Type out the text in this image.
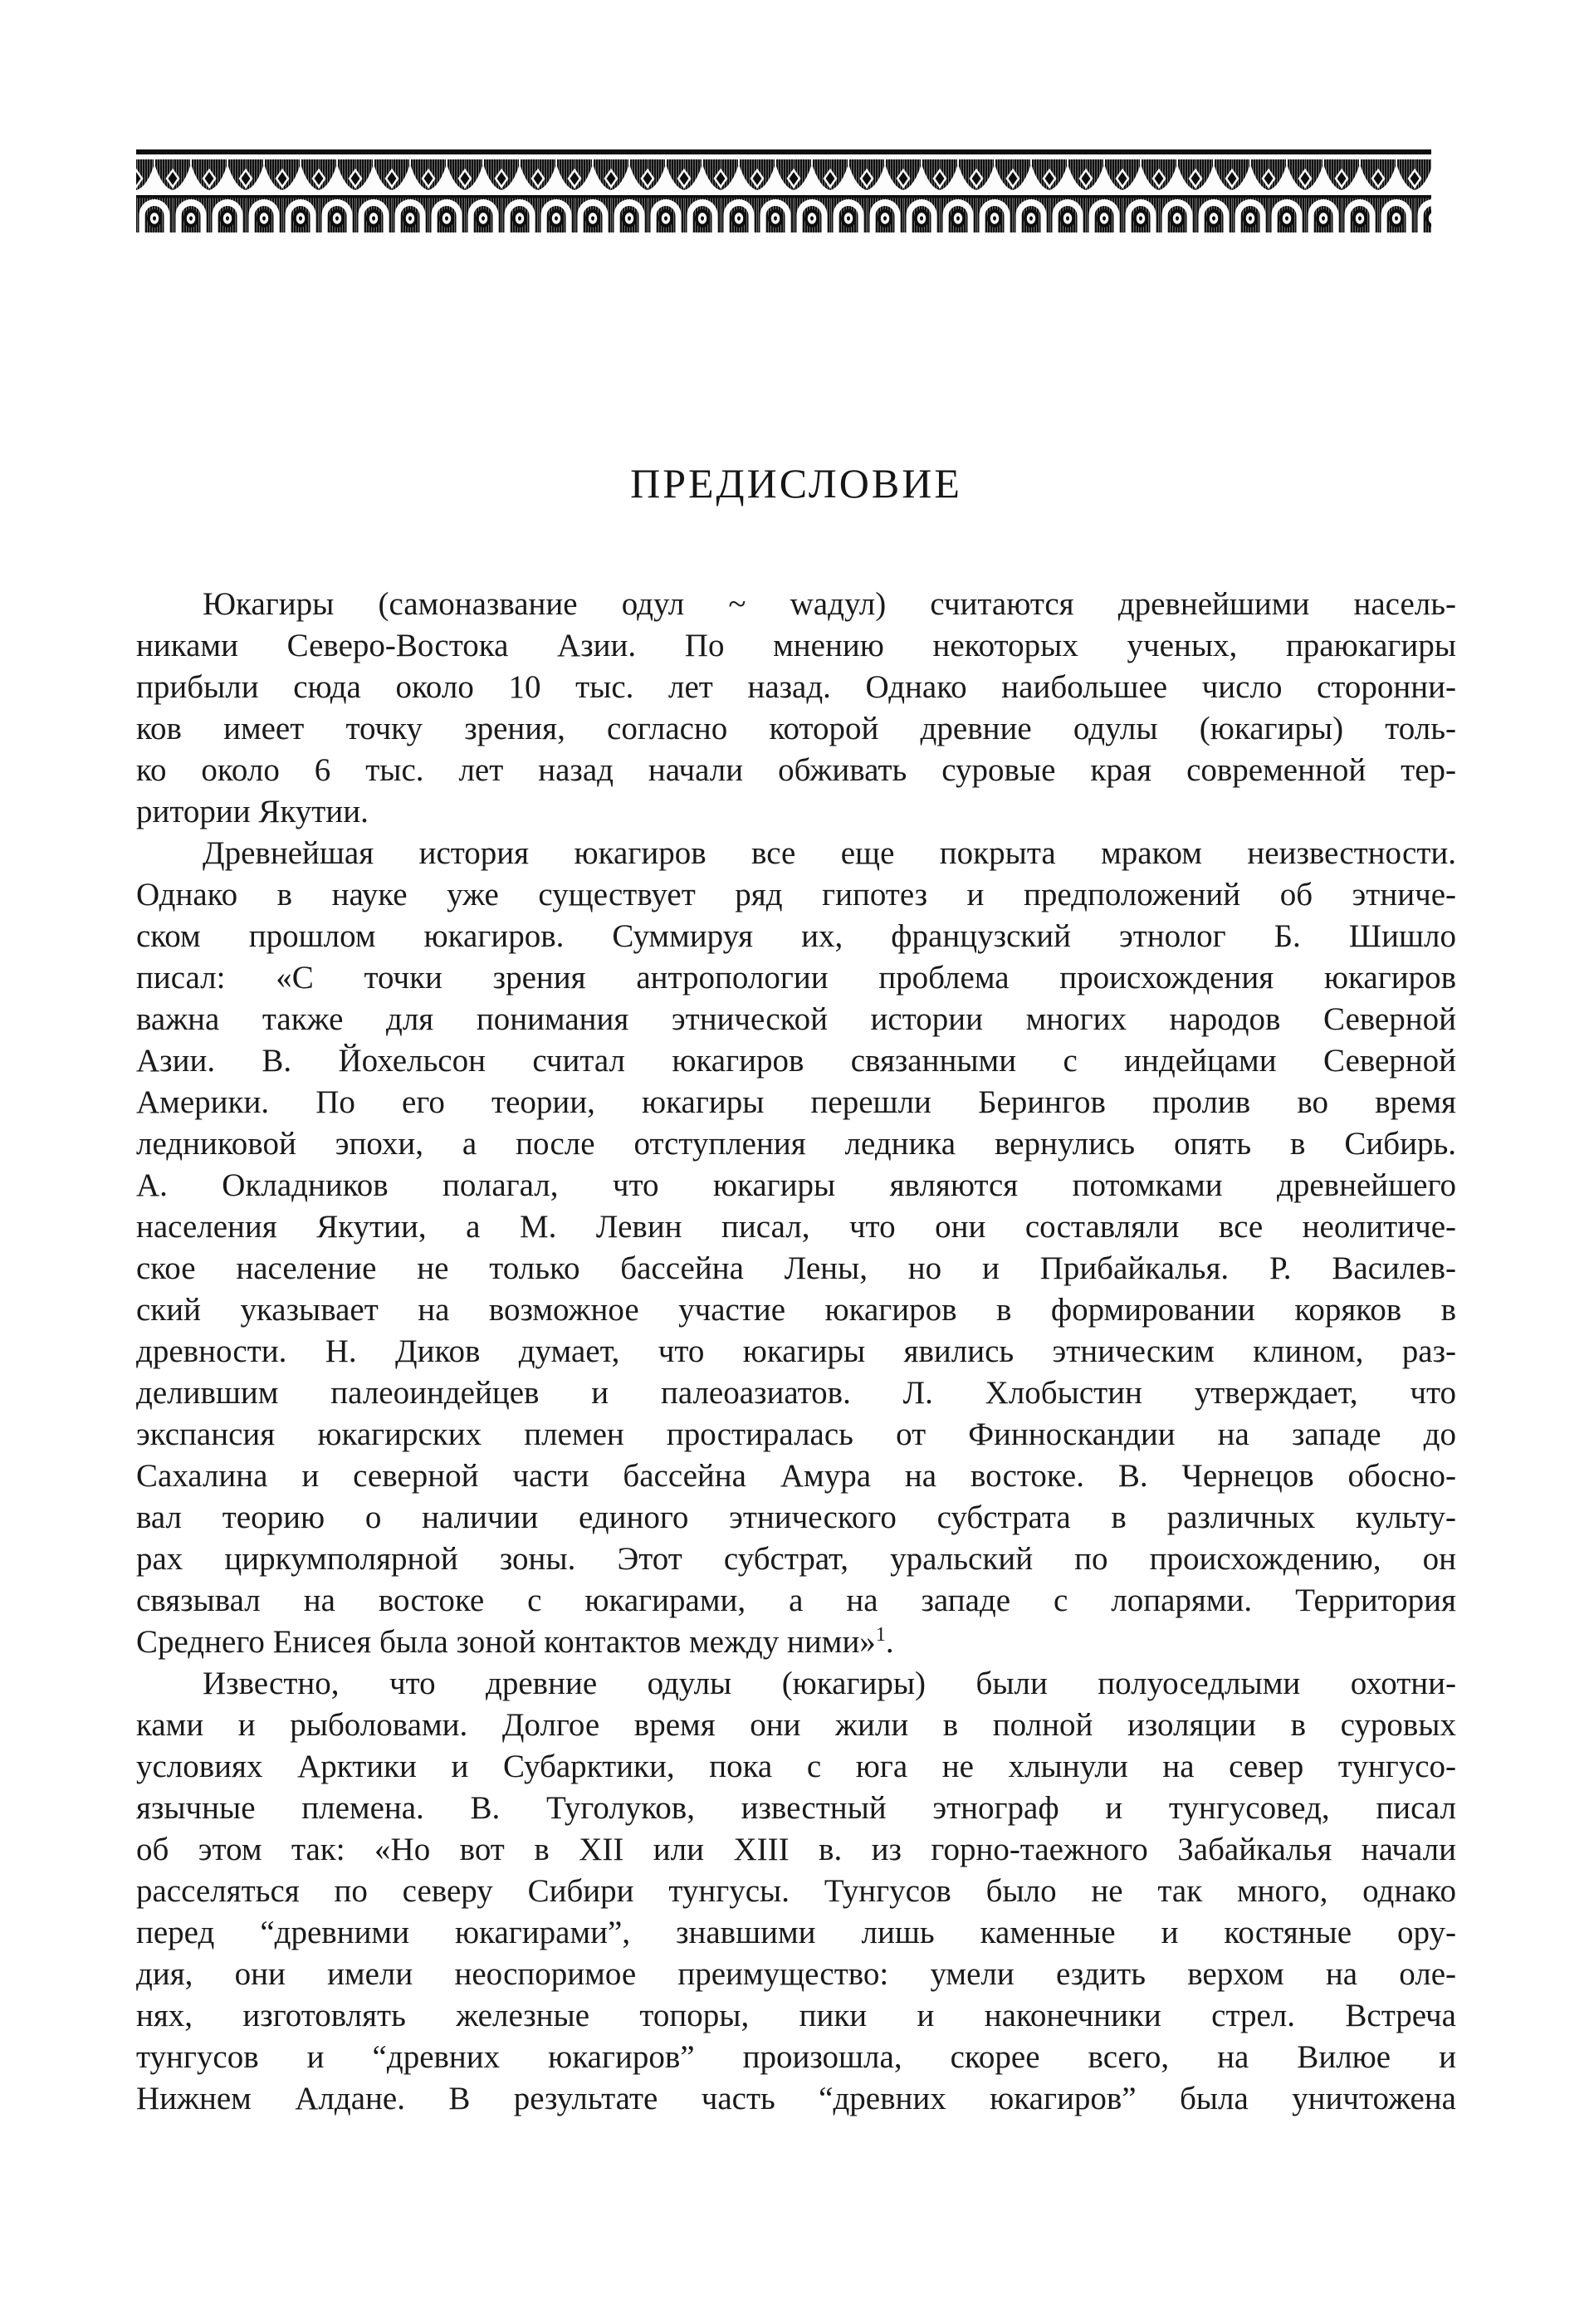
ПРЕДИСЛОВИЕ
Юкагиры (самоназвание одул ~ wадул) считаются древнейшими насель-
никами Северо-Востока Азии. По мнению некоторых ученых, праюкагиры
прибыли сюда около 10 тыс. лет назад. Однако наибольшее число сторонни-
ков имеет точку зрения, согласно которой древние одулы (юкагиры) толь-
ко около 6 тыс. лет назад начали обживать суровые края современной тер-
ритории Якутии.
Древнейшая история юкагиров все еще покрыта мраком неизвестности.
Однако в науке уже существует ряд гипотез и предположений об этниче-
ском прошлом юкагиров. Суммируя их, французский этнолог Б. Шишло
писал: «С точки зрения антропологии проблема происхождения юкагиров
важна также для понимания этнической истории многих народов Северной
Азии. В. Йохельсон считал юкагиров связанными с индейцами Северной
Америки. По его теории, юкагиры перешли Берингов пролив во время
ледниковой эпохи, а после отступления ледника вернулись опять в Сибирь.
А. Окладников полагал, что юкагиры являются потомками древнейшего
населения Якутии, а М. Левин писал, что они составляли все неолитиче-
ское население не только бассейна Лены, но и Прибайкалья. Р. Василев-
ский указывает на возможное участие юкагиров в формировании коряков в
древности. Н. Диков думает, что юкагиры явились этническим клином, раз-
делившим палеоиндейцев и палеоазиатов. Л. Хлобыстин утверждает, что
экспансия юкагирских племен простиралась от Финноскандии на западе до
Сахалина и северной части бассейна Амура на востоке. В. Чернецов обосно-
вал теорию о наличии единого этнического субстрата в различных культу-
рах циркумполярной зоны. Этот субстрат, уральский по происхождению, он
связывал на востоке с юкагирами, а на западе с лопарями. Территория
Среднего Енисея была зоной контактов между ними»$^1$.
Известно, что древние одулы (юкагиры) были полуоседлыми охотни-
ками и рыболовами. Долгое время они жили в полной изоляции в суровых
условиях Арктики и Субарктики, пока с юга не хлынули на север тунгусо-
язычные племена. В. Туголуков, известный этнограф и тунгусовед, писал
об этом так: «Но вот в XII или XIII в. из горно-таежного Забайкалья начали
расселяться по северу Сибири тунгусы. Тунгусов было не так много, однако
перед “древними юкагирами”, знавшими лишь каменные и костяные ору-
дия, они имели неоспоримое преимущество: умели ездить верхом на оле-
нях, изготовлять железные топоры, пики и наконечники стрел. Встреча
тунгусов и “древних юкагиров” произошла, скорее всего, на Вилюе и
Нижнем Алдане. В результате часть “древних юкагиров” была уничтожена
